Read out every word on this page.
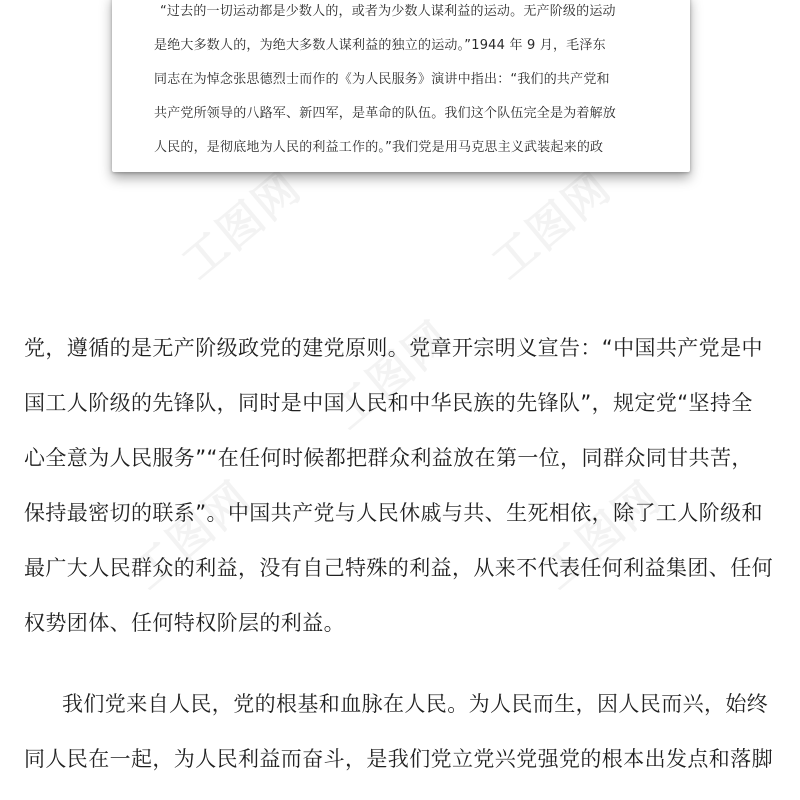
工图网	工图网
工图网
工图网	工图网
“过去的一切运动都是少数人的，或者为少数人谋利益的运动。无产阶级的运动
是绝大多数人的，为绝大多数人谋利益的独立的运动。”1944 年 9 月，毛泽东
同志在为悼念张思德烈士而作的《为人民服务》演讲中指出：“我们的共产党和
共产党所领导的八路军、新四军，是革命的队伍。我们这个队伍完全是为着解放
人民的，是彻底地为人民的利益工作的。”我们党是用马克思主义武装起来的政
党，遵循的是无产阶级政党的建党原则。党章开宗明义宣告：“中国共产党是中
国工人阶级的先锋队，同时是中国人民和中华民族的先锋队”，规定党“坚持全
心全意为人民服务”“在任何时候都把群众利益放在第一位，同群众同甘共苦，
保持最密切的联系”。中国共产党与人民休戚与共、生死相依，除了工人阶级和
最广大人民群众的利益，没有自己特殊的利益，从来不代表任何利益集团、任何
权势团体、任何特权阶层的利益。
我们党来自人民，党的根基和血脉在人民。为人民而生，因人民而兴，始终
同人民在一起，为人民利益而奋斗，是我们党立党兴党强党的根本出发点和落脚
